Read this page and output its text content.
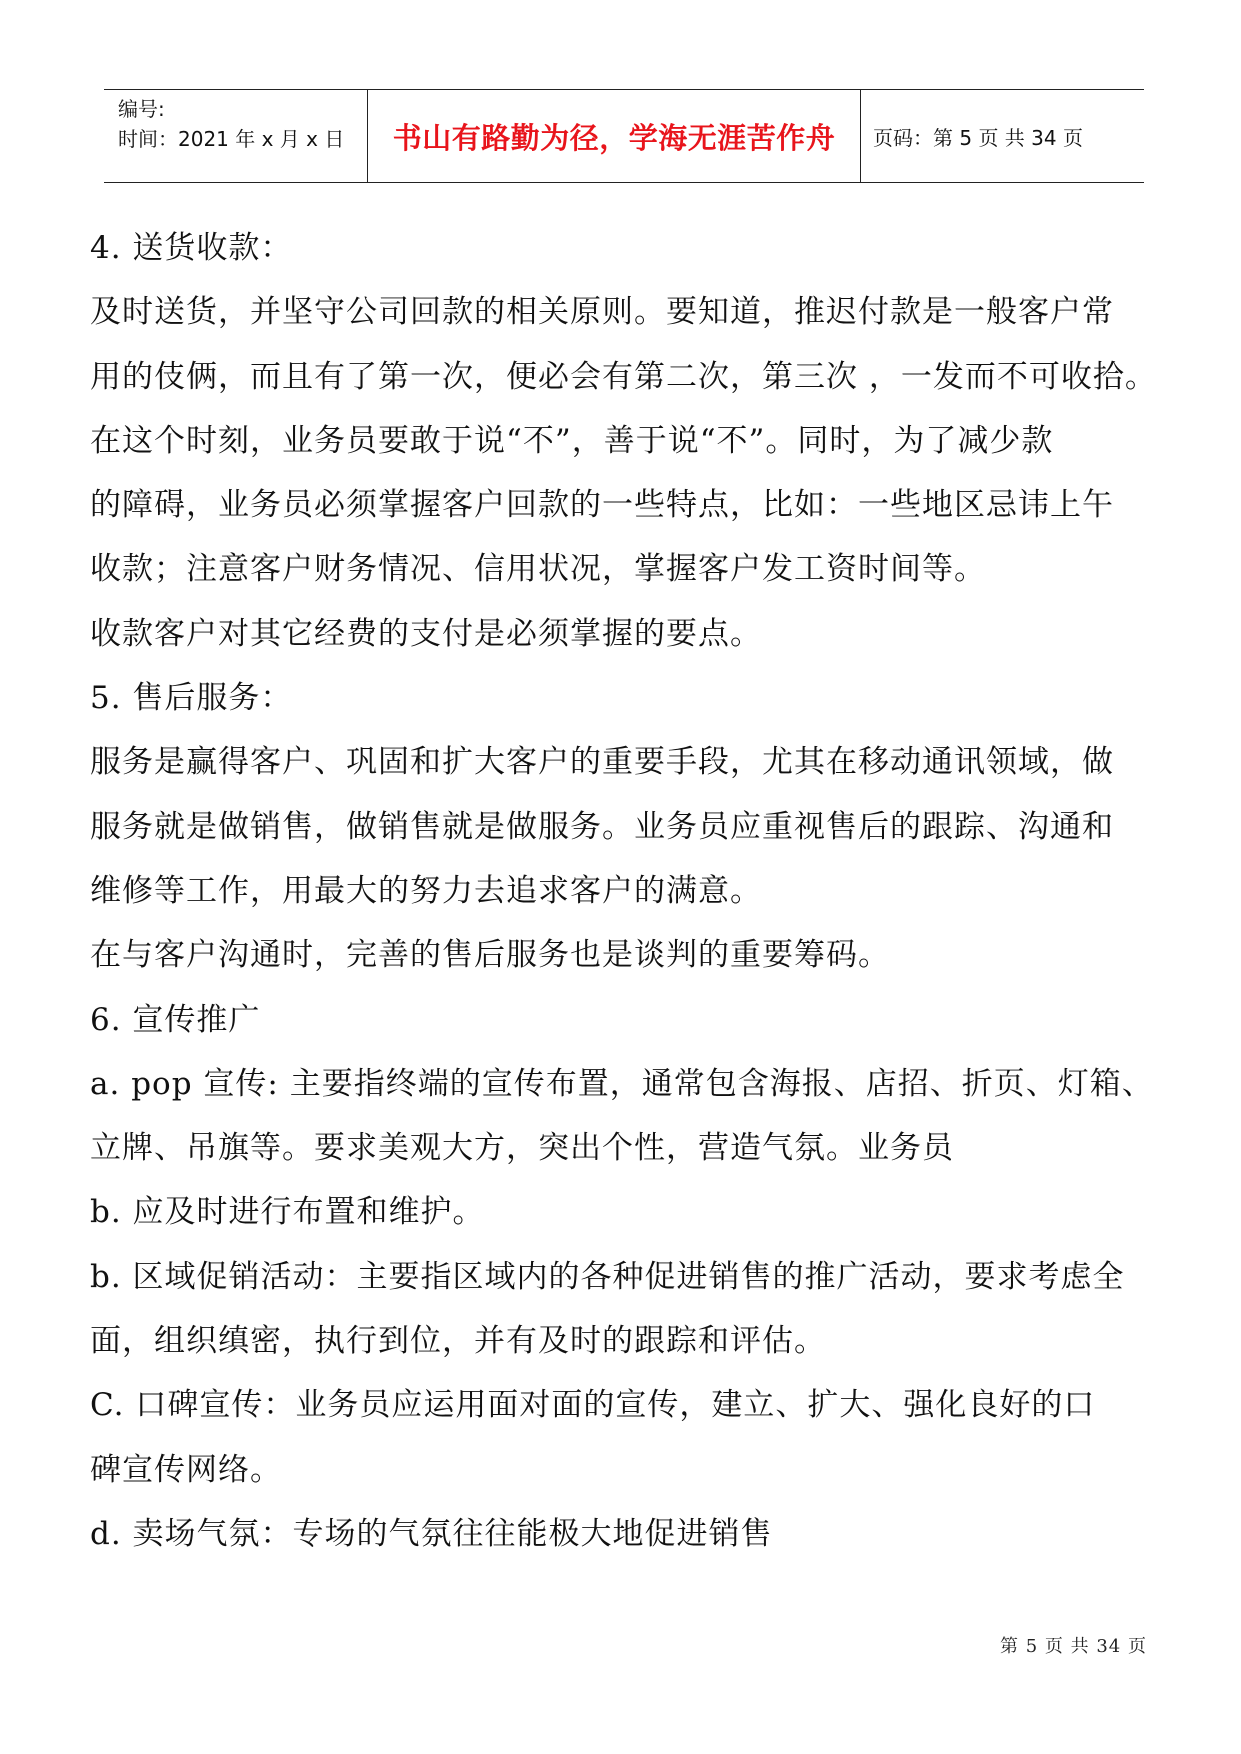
编号:
时间：2021 年 x 月 x 日	书山有路勤为径，学海无涯苦作舟 页码：第 5 页 共 34 页

4. 送货收款：

及时送货，并坚守公司回款的相关原则。要知道，推迟付款是一般客户常

用的伎俩，而且有了第一次，便必会有第二次，第三次 ，一发而不可收拾。

在这个时刻，业务员要敢于说“不”，善于说“不”。同时，为了减少款

的障碍，业务员必须掌握客户回款的一些特点，比如：一些地区忌讳上午

收款；注意客户财务情况、信用状况，掌握客户发工资时间等。

收款客户对其它经费的支付是必须掌握的要点。

5. 售后服务：

服务是赢得客户、巩固和扩大客户的重要手段，尤其在移动通讯领域，做

服务就是做销售，做销售就是做服务。业务员应重视售后的跟踪、沟通和

维修等工作，用最大的努力去追求客户的满意。

在与客户沟通时，完善的售后服务也是谈判的重要筹码。

6. 宣传推广

a. pop 宣传: 主要指终端的宣传布置，通常包含海报、店招、折页、灯箱、

立牌、吊旗等。要求美观大方，突出个性，营造气氛。业务员

b. 应及时进行布置和维护。

b. 区域促销活动：主要指区域内的各种促进销售的推广活动，要求考虑全

面，组织缜密，执行到位，并有及时的跟踪和评估。

C. 口碑宣传：业务员应运用面对面的宣传，建立、扩大、强化良好的口

碑宣传网络。

d. 卖场气氛：专场的气氛往往能极大地促进销售

第 5 页 共 34 页
